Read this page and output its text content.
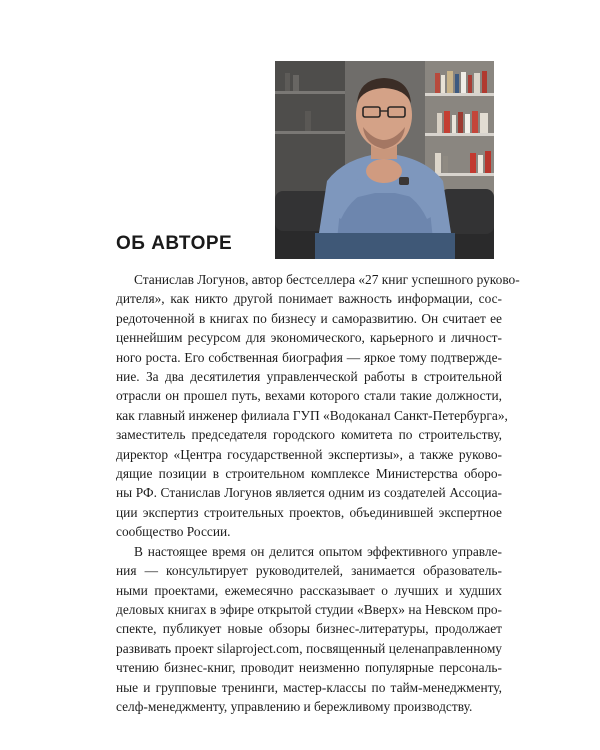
ОБ АВТОРЕ
Станислав Логунов, автор бестселлера «27 книг успешного руково-
дителя», как никто другой понимает важность информации, сос-
редоточенной в книгах по бизнесу и саморазвитию. Он считает ее
ценнейшим ресурсом для экономического, карьерного и личност-
ного роста. Его собственная биография — яркое тому подтвержде-
ние. За два десятилетия управленческой работы в строительной
отрасли он прошел путь, вехами которого стали такие должности,
как главный инженер филиала ГУП «Водоканал Санкт-Петербурга»,
заместитель председателя городского комитета по строительству,
директор «Центра государственной экспертизы», а также руково-
дящие позиции в строительном комплексе Министерства оборо-
ны РФ. Станислав Логунов является одним из создателей Ассоциа-
ции экспертиз строительных проектов, объединившей экспертное
сообщество России.
В настоящее время он делится опытом эффективного управле-
ния — консультирует руководителей, занимается образователь-
ными проектами, ежемесячно рассказывает о лучших и худших
деловых книгах в эфире открытой студии «Вверх» на Невском про-
спекте, публикует новые обзоры бизнес-литературы, продолжает
развивать проект silaproject.com, посвященный целенаправленному
чтению бизнес-книг, проводит неизменно популярные персональ-
ные и групповые тренинги, мастер-классы по тайм-менеджменту,
селф-менеджменту, управлению и бережливому производству.
